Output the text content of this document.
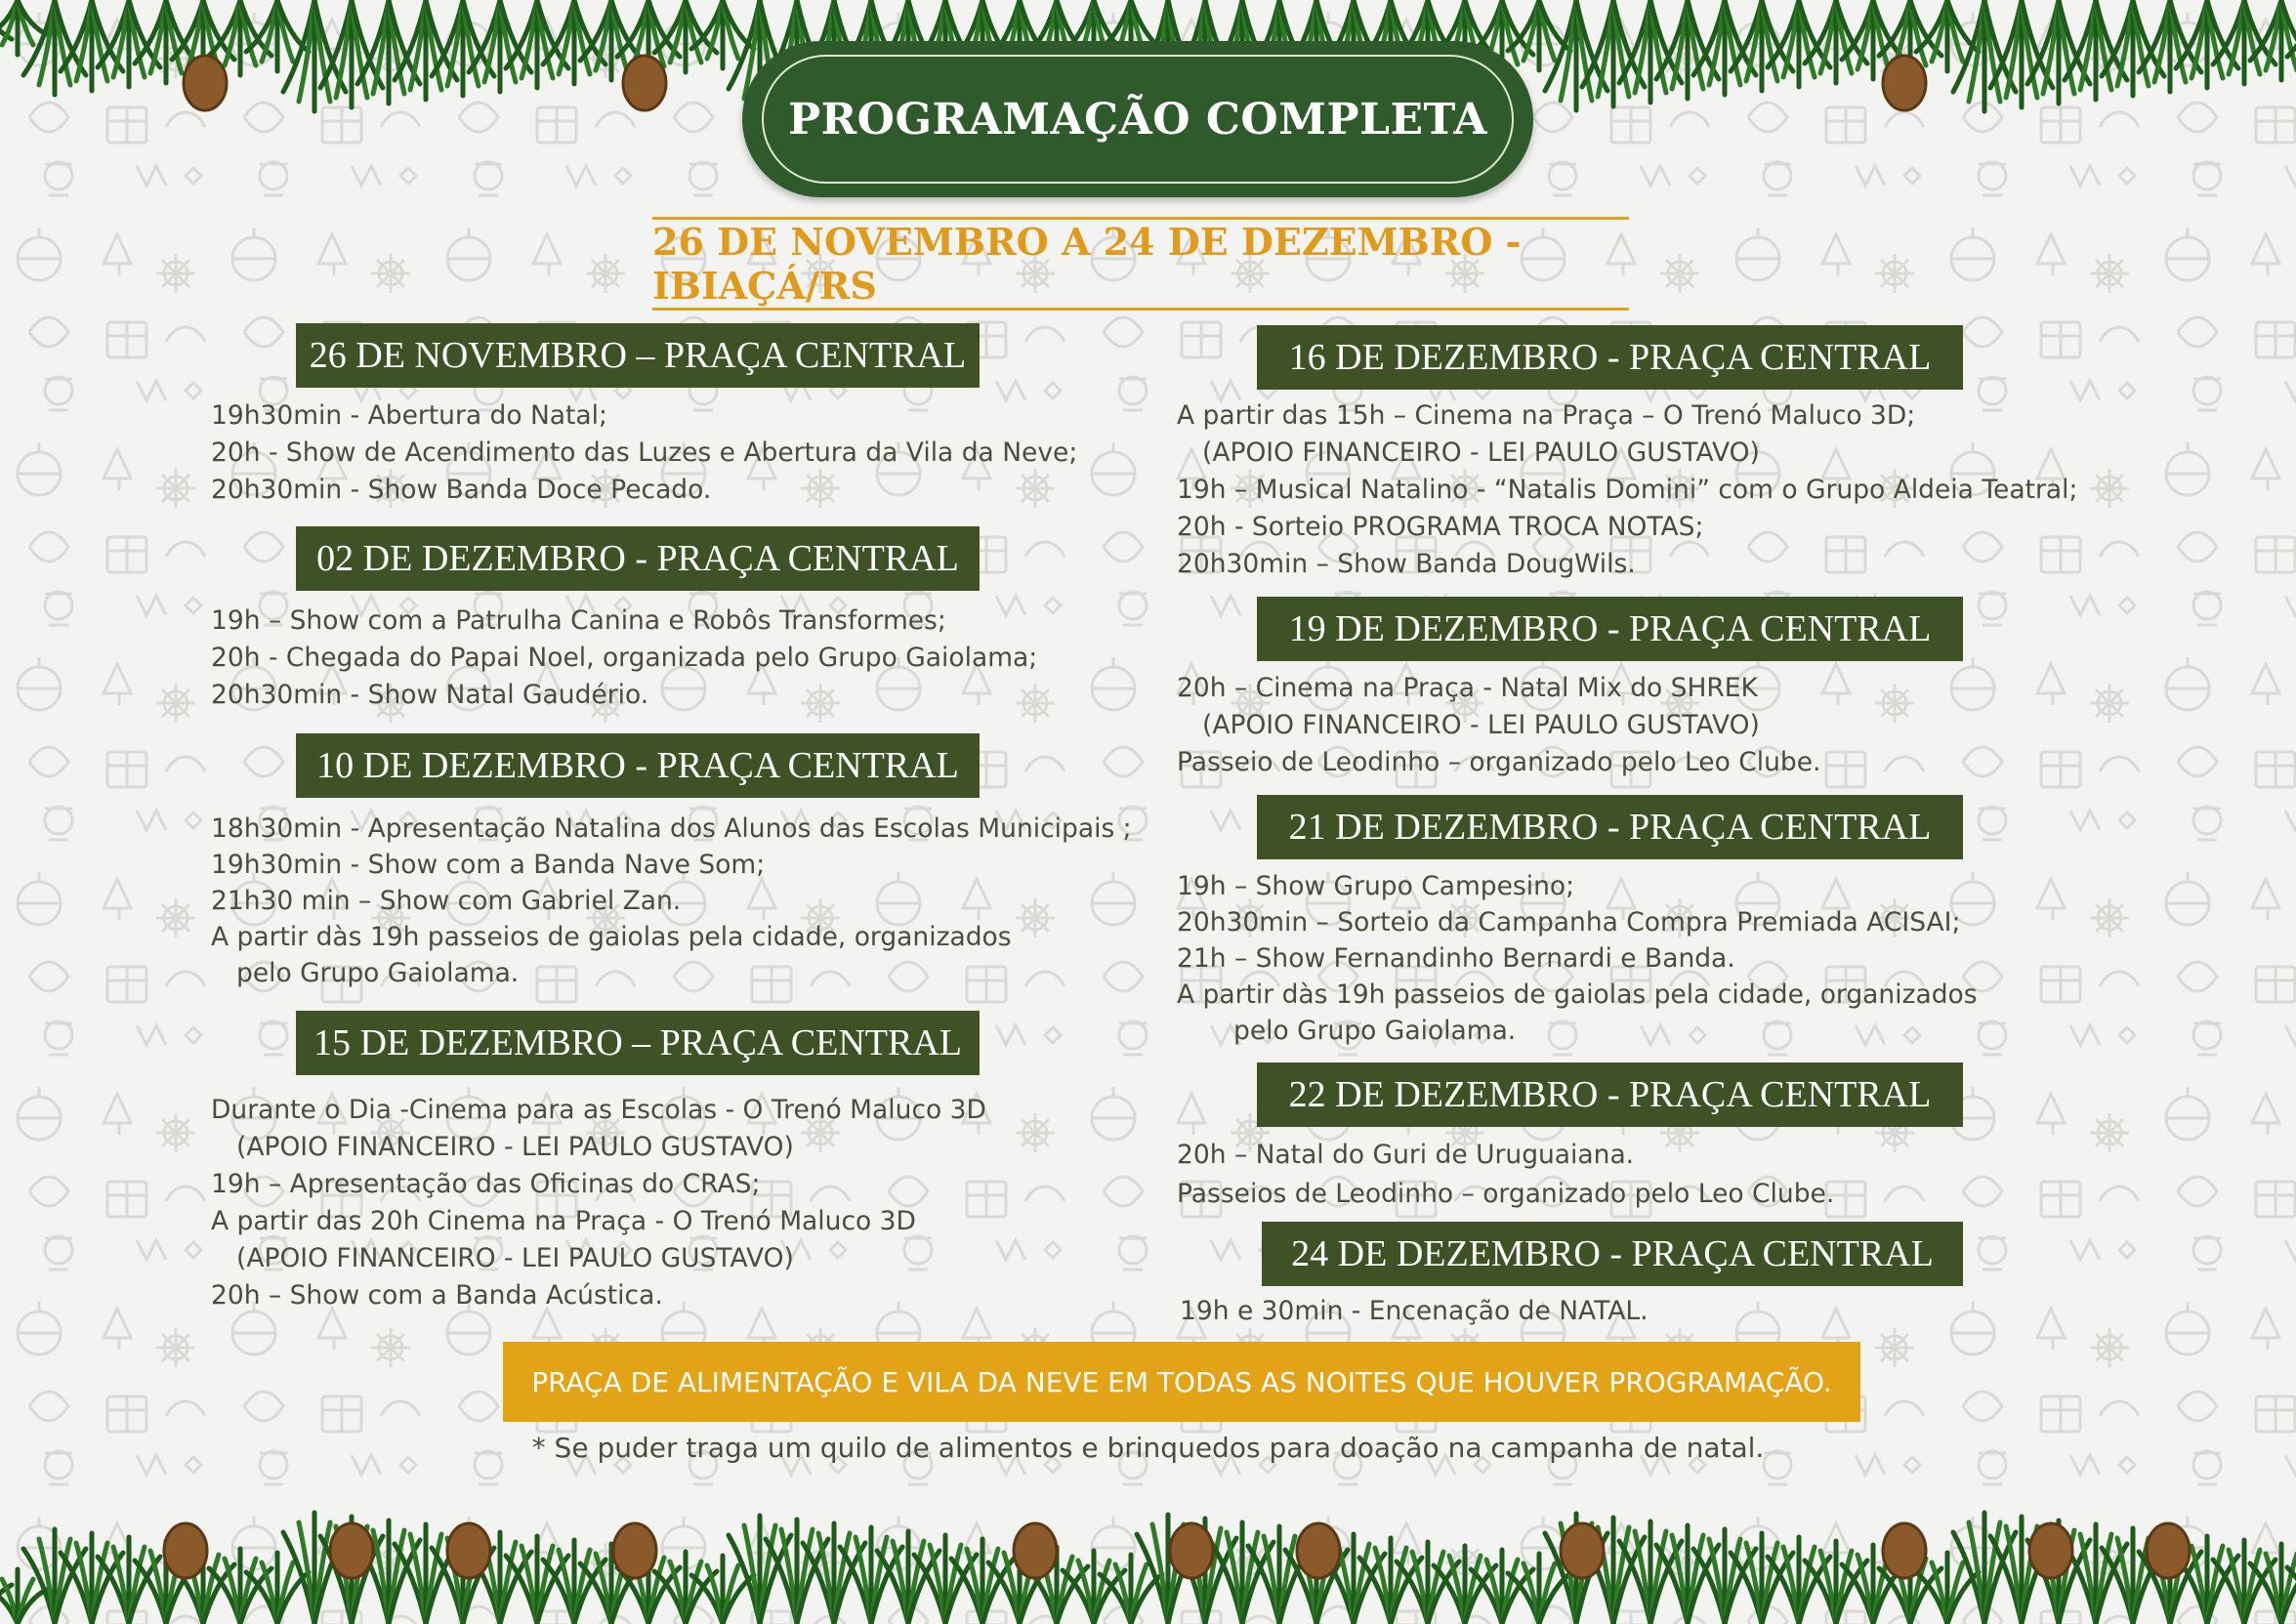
PROGRAMAÇÃO COMPLETA
26 DE NOVEMBRO A 24 DE DEZEMBRO - IBIAÇÁ/RS
26 DE NOVEMBRO – PRAÇA CENTRAL
19h30min - Abertura do Natal;
20h - Show de Acendimento das Luzes e Abertura da Vila da Neve;
20h30min - Show Banda Doce Pecado.
02 DE DEZEMBRO - PRAÇA CENTRAL
19h – Show com a Patrulha Canina e Robôs Transformes;
20h - Chegada do Papai Noel, organizada pelo Grupo Gaiolama;
20h30min - Show Natal Gaudério.
10 DE DEZEMBRO - PRAÇA CENTRAL
18h30min - Apresentação Natalina dos Alunos das Escolas Municipais ;
19h30min - Show com a Banda Nave Som;
21h30 min – Show com Gabriel Zan.
A partir dàs 19h passeios de gaiolas pela cidade, organizados
pelo Grupo Gaiolama.
15 DE DEZEMBRO – PRAÇA CENTRAL
Durante o Dia -Cinema para as Escolas - O Trenó Maluco 3D
(APOIO FINANCEIRO - LEI PAULO GUSTAVO)
19h – Apresentação das Oficinas do CRAS;
A partir das 20h Cinema na Praça - O Trenó Maluco 3D
(APOIO FINANCEIRO - LEI PAULO GUSTAVO)
20h – Show com a Banda Acústica.
16 DE DEZEMBRO - PRAÇA CENTRAL
A partir das 15h – Cinema na Praça – O Trenó Maluco 3D;
(APOIO FINANCEIRO - LEI PAULO GUSTAVO)
19h – Musical Natalino - “Natalis Domini” com o Grupo Aldeia Teatral;
20h - Sorteio PROGRAMA TROCA NOTAS;
20h30min – Show Banda DougWils.
19 DE DEZEMBRO - PRAÇA CENTRAL
20h – Cinema na Praça - Natal Mix do SHREK
(APOIO FINANCEIRO - LEI PAULO GUSTAVO)
Passeio de Leodinho – organizado pelo Leo Clube.
21 DE DEZEMBRO - PRAÇA CENTRAL
19h – Show Grupo Campesino;
20h30min – Sorteio da Campanha Compra Premiada ACISAI;
21h – Show Fernandinho Bernardi e Banda.
A partir dàs 19h passeios de gaiolas pela cidade, organizados
pelo Grupo Gaiolama.
22 DE DEZEMBRO - PRAÇA CENTRAL
20h – Natal do Guri de Uruguaiana.
Passeios de Leodinho – organizado pelo Leo Clube.
24 DE DEZEMBRO - PRAÇA CENTRAL
19h e 30min - Encenação de NATAL.
PRAÇA DE ALIMENTAÇÃO E VILA DA NEVE EM TODAS AS NOITES QUE HOUVER PROGRAMAÇÃO.
* Se puder traga um quilo de alimentos e brinquedos para doação na campanha de natal.
